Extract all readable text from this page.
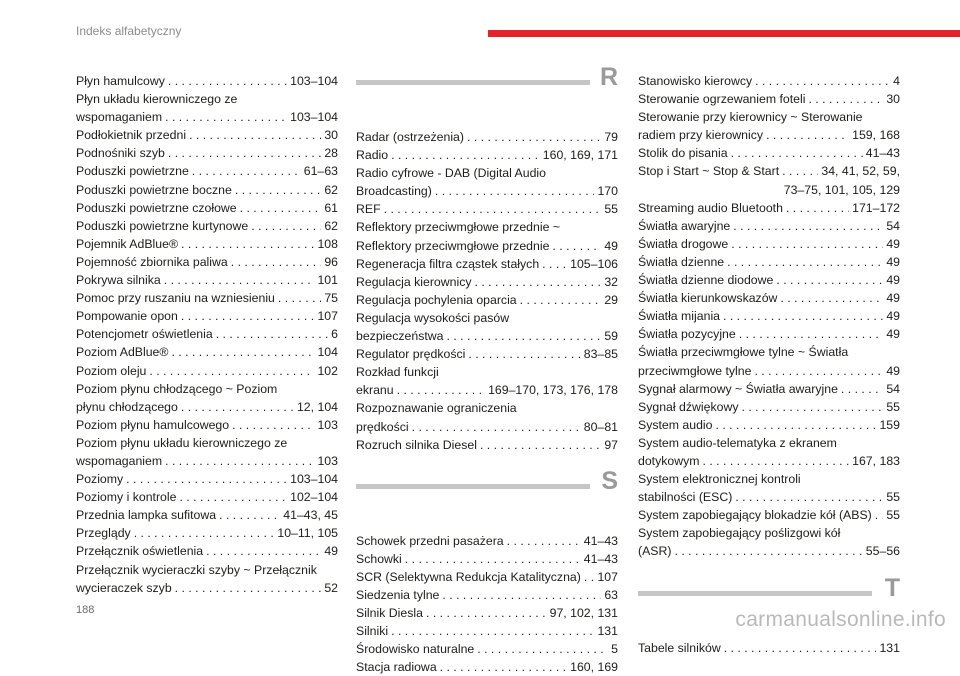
Indeks alfabetyczny
Płyn hamulcowy . . .	103–104
Płyn układu kierowniczego ze
wspomaganiem . . .	103–104
Podłokietnik przedni . . .	30
Podnośniki szyb . . .	28
Poduszki powietrzne . . .	61–63
Poduszki powietrzne boczne . . .	62
Poduszki powietrzne czołowe . . .	61
Poduszki powietrzne kurtynowe . . .	62
Pojemnik AdBlue® . . .	108
Pojemność zbiornika paliwa . . .	96
Pokrywa silnika . . .	101
Pomoc przy ruszaniu na wzniesieniu . . .	75
Pompowanie opon . . .	107
Potencjometr oświetlenia . . .	6
Poziom AdBlue® . . .	104
Poziom oleju . . .	102
Poziom płynu chłodzącego ~ Poziom
płynu chłodzącego . . .	12, 104
Poziom płynu hamulcowego . . .	103
Poziom płynu układu kierowniczego ze
wspomaganiem . . .	103
Poziomy . . .	103–104
Poziomy i kontrole . . .	102–104
Przednia lampka sufitowa . . .	41–43, 45
Przeglądy . . .	10–11, 105
Przełącznik oświetlenia . . .	49
Przełącznik wycieraczki szyby ~ Przełącznik
wycieraczek szyb . . .	52
R
Radar (ostrzeżenia) . . .	79
Radio . . .	160, 169, 171
Radio cyfrowe - DAB (Digital Audio
Broadcasting) . . .	170
REF . . .	55
Reflektory przeciwmgłowe przednie ~
Reflektory przeciwmgłowe przednie . . .	49
Regeneracja filtra cząstek stałych . . .	105–106
Regulacja kierownicy . . .	32
Regulacja pochylenia oparcia . . .	29
Regulacja wysokości pasów
bezpieczeństwa . . .	59
Regulator prędkości . . .	83–85
Rozkład funkcji
ekranu . . .	169–170, 173, 176, 178
Rozpoznawanie ograniczenia
prędkości . . .	80–81
Rozruch silnika Diesel . . .	97
S
Schowek przedni pasażera . . .	41–43
Schowki . . .	41–43
SCR (Selektywna Redukcja Katalityczna) . . . 107
Siedzenia tylne . . .	63
Silnik Diesla . . .	97, 102, 131
Silniki . . .	131
Środowisko naturalne . . .	5
Stacja radiowa . . .	160, 169
Stanowisko kierowcy . . .	4
Sterowanie ogrzewaniem foteli . . .	30
Sterowanie przy kierownicy ~ Sterowanie
radiem przy kierownicy . . .	159, 168
Stolik do pisania . . .	41–43
Stop i Start ~ Stop & Start . . .	34, 41, 52, 59,
73–75, 101, 105, 129
Streaming audio Bluetooth . . .	171–172
Światła awaryjne . . .	54
Światła drogowe . . .	49
Światła dzienne . . .	49
Światła dzienne diodowe . . .	49
Światła kierunkowskazów . . .	49
Światła mijania . . .	49
Światła pozycyjne . . .	49
Światła przeciwmgłowe tylne ~ Światła
przeciwmgłowe tylne . . .	49
Sygnał alarmowy ~ Światła awaryjne . . .	54
Sygnał dźwiękowy . . .	55
System audio . . .	159
System audio-telematyka z ekranem
dotykowym . . .	167, 183
System elektronicznej kontroli
stabilności (ESC) . . .	55
System zapobiegający blokadzie kół (ABS) . . . 55
System zapobiegający poślizgowi kół
(ASR) . . .	55–56
T
Tabele silników . . .	131
188	carmanualsonline.info
